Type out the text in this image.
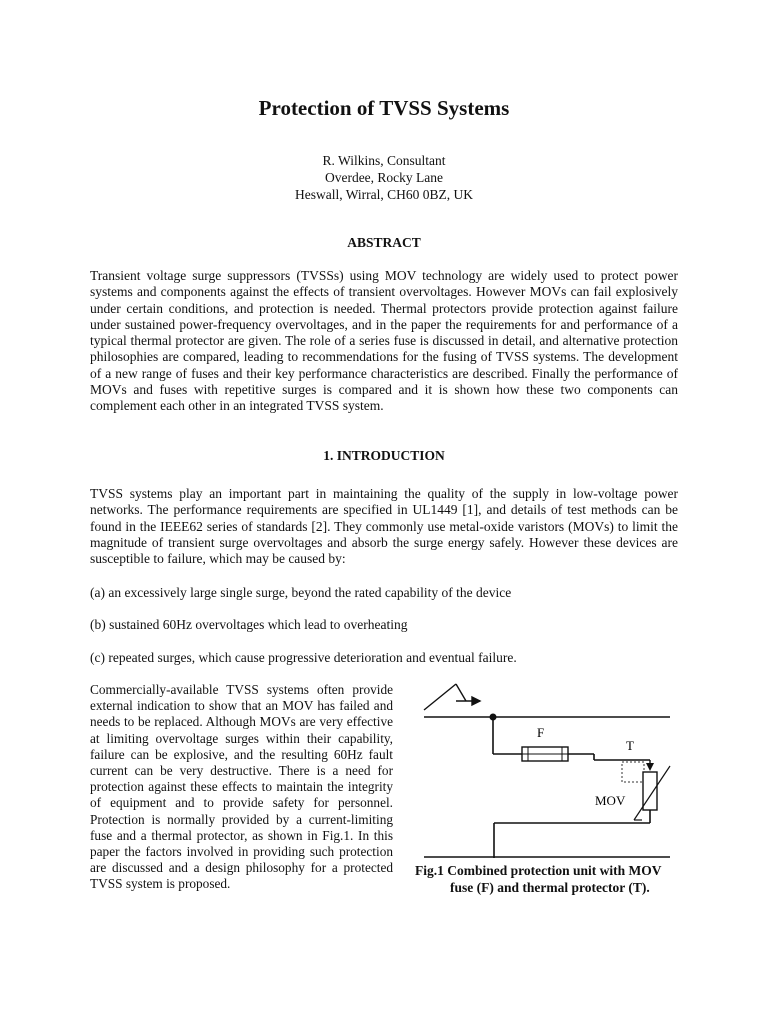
Protection of TVSS Systems
R. Wilkins, Consultant
Overdee, Rocky Lane
Heswall, Wirral, CH60 0BZ, UK
ABSTRACT

Transient voltage surge suppressors (TVSSs) using MOV technology are widely used to protect power systems and components against the effects of transient overvoltages. However MOVs can fail explosively under certain conditions, and protection is needed. Thermal protectors provide protection against failure under sustained power-frequency overvoltages, and in the paper the requirements for and performance of a typical thermal protector are given. The role of a series fuse is discussed in detail, and alternative protection philosophies are compared, leading to recommendations for the fusing of TVSS systems. The development of a new range of fuses and their key performance characteristics are described. Finally the performance of MOVs and fuses with repetitive surges is compared and it is shown how these two components can complement each other in an integrated TVSS system.

1. INTRODUCTION

TVSS systems play an important part in maintaining the quality of the supply in low-voltage power networks. The performance requirements are specified in UL1449 [1], and details of test methods can be found in the IEEE62 series of standards [2]. They commonly use metal-oxide varistors (MOVs) to limit the magnitude of transient surge overvoltages and absorb the surge energy safely. However these devices are susceptible to failure, which may be caused by:

(a) an excessively large single surge, beyond the rated capability of the device

(b) sustained 60Hz overvoltages which lead to overheating

(c) repeated surges, which cause progressive deterioration and eventual failure.

Commercially-available TVSS systems often provide external indication to show that an MOV has failed and needs to be replaced. Although MOVs are very effective at limiting overvoltage surges within their capability, failure can be explosive, and the resulting 60Hz fault current can be very destructive. There is a need for protection against these effects to maintain the integrity of equipment and to provide safety for personnel. Protection is normally provided by a current-limiting fuse and a thermal protector, as shown in Fig.1. In this paper the factors involved in providing such protection are discussed and a design philosophy for a protected TVSS system is proposed.

F
T
MOV
Fig.1 Combined protection unit with MOV
fuse (F) and thermal protector (T).
